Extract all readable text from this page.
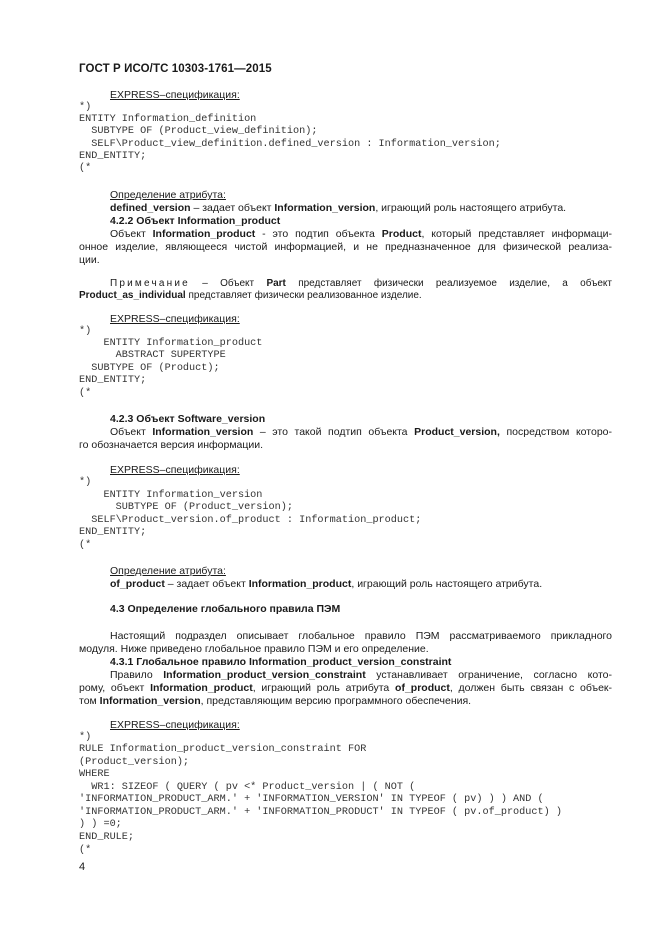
ГОСТ Р ИСО/ТС 10303-1761—2015
EXPRESS–спецификация:
*)
ENTITY Information_definition
SUBTYPE OF (Product_view_definition);
SELF\Product_view_definition.defined_version : Information_version;
END_ENTITY;
(*
Определение атрибута:
defined_version – задает объект Information_version, играющий роль настоящего атрибута.
4.2.2 Объект Information_product
Объект Information_product - это подтип объекта Product, который представляет информаци-
онное изделие, являющееся чистой информацией, и не предназначенное для физической реализа-
ции.
Примечание – Объект Part представляет физически реализуемое изделие, а объект
Product_as_individual представляет физически реализованное изделие.
EXPRESS–спецификация:
*)
ENTITY Information_product
ABSTRACT SUPERTYPE
SUBTYPE OF (Product);
END_ENTITY;
(*
4.2.3 Объект Software_version
Объект Information_version – это такой подтип объекта Product_version, посредством которо-
го обозначается версия информации.
EXPRESS–спецификация:
*)
ENTITY Information_version
SUBTYPE OF (Product_version);
SELF\Product_version.of_product : Information_product;
END_ENTITY;
(*
Определение атрибута:
of_product – задает объект Information_product, играющий роль настоящего атрибута.
4.3 Определение глобального правила ПЭМ
Настоящий подраздел описывает глобальное правило ПЭМ рассматриваемого прикладного
модуля. Ниже приведено глобальное правило ПЭМ и его определение.
4.3.1 Глобальное правило Information_product_version_constraint
Правило Information_product_version_constraint устанавливает ограничение, согласно кото-
рому, объект Information_product, играющий роль атрибута of_product, должен быть связан с объек-
том Information_version, представляющим версию программного обеспечения.
EXPRESS–спецификация:
*)
RULE Information_product_version_constraint FOR
(Product_version);
WHERE
WR1: SIZEOF ( QUERY ( pv <* Product_version | ( NOT (
'INFORMATION_PRODUCT_ARM.' + 'INFORMATION_VERSION' IN TYPEOF ( pv) ) ) AND (
'INFORMATION_PRODUCT_ARM.' + 'INFORMATION_PRODUCT' IN TYPEOF ( pv.of_product) )
) ) =0;
END_RULE;
(*
4
